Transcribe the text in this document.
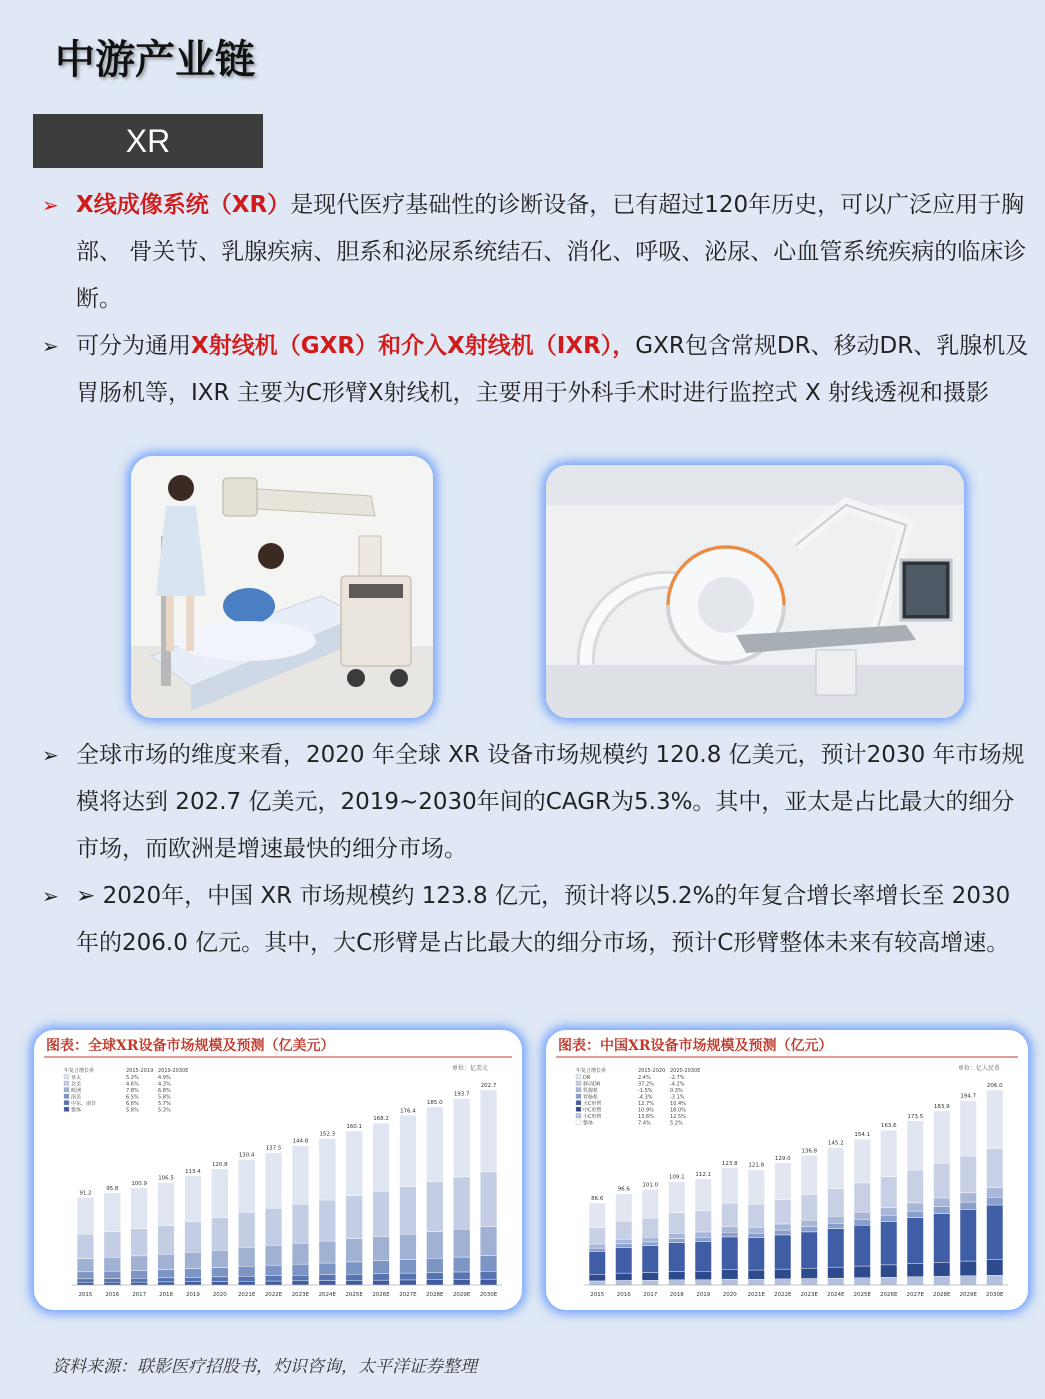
中游产业链
XR
➢ X线成像系统（XR）是现代医疗基础性的诊断设备，已有超过120年历史，可以广泛应用于胸部、 骨关节、乳腺疾病、胆系和泌尿系统结石、消化、呼吸、泌尿、心血管系统疾病的临床诊断。
➢ 可分为通用X射线机（GXR）和介入X射线机（IXR），GXR包含常规DR、移动DR、乳腺机及胃肠机等，IXR 主要为C形臂X射线机，主要用于外科手术时进行监控式 X 射线透视和摄影
➢ 全球市场的维度来看，2020 年全球 XR 设备市场规模约 120.8 亿美元，预计2030 年市场规模将达到 202.7 亿美元，2019~2030年间的CAGR为5.3%。其中，亚太是占比最大的细分市场，而欧洲是增速最快的细分市场。
➢ ➢ 2020年，中国 XR 市场规模约 123.8 亿元，预计将以5.2%的年复合增长率增长至 2030 年的206.0 亿元。其中，大C形臂是占比最大的细分市场，预计C形臂整体未来有较高增速。
图表：全球XR设备市场规模及预测（亿美元）
单位：亿美元
年复合增长率	2015-2019 2019-2030E
亚太	5.2%	4.9%
北美	4.6%	4.3%
欧洲	7.8%	6.8%
南美	6.5%	5.8%
中东、南非	6.6%	5.7%
整体	5.8%	5.3%
91.2
2015
95.8
2016
100.9
2017
106.5
2018
113.4
2019
120.8
2020
130.4
2021E
137.5
2022E
144.8
2023E
152.3
2024E
160.1
2025E
168.2
2026E
176.4
2027E
185.0
2028E
193.7
2029E
202.7
2030E
图表：中国XR设备市场规模及预测（亿元）
单位：亿人民币
年复合增长率	2015-2020 2020-2030E
DR	2.4%	-2.7%
移动DR	37.2%	-4.2%
乳腺机	-1.5%	0.3%
胃肠机	-4.3%	-3.1%
大C形臂	12.7%	10.4%
中C形臂	10.9%	18.0%
小C形臂	13.6%	12.5%
整体	7.4%	5.2%
86.6
2015
96.6
2016
101.0
2017
109.1
2018
112.1
2019
123.8
2020
121.8
2021E
129.0
2022E
136.8
2023E
145.2
2024E
154.1
2025E
163.6
2026E
173.5
2027E
183.9
2028E
194.7
2029E
206.0
2030E
资料来源：联影医疗招股书，灼识咨询，太平洋证券整理
